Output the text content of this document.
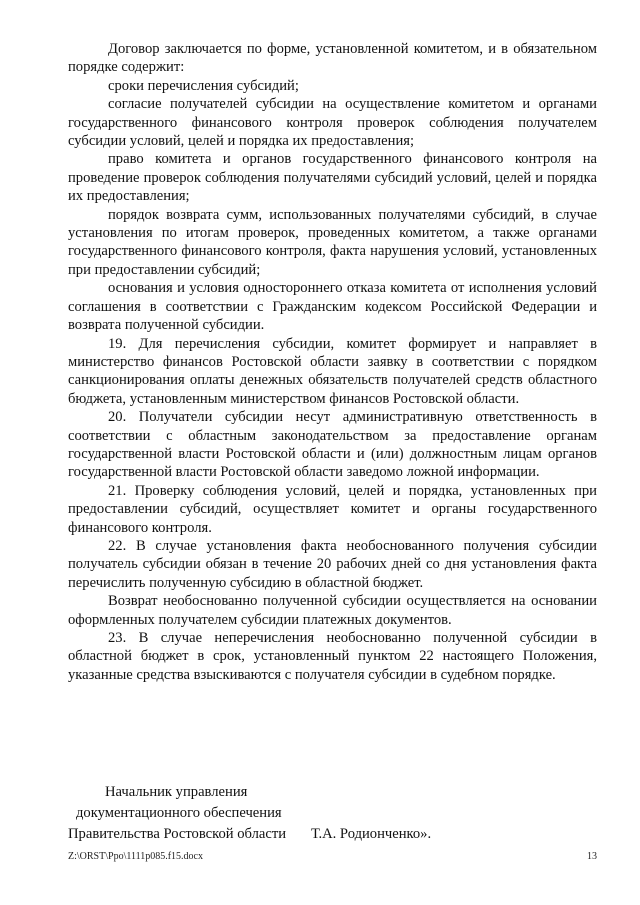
Договор заключается по форме, установленной комитетом, и в обязательном порядке содержит:

сроки перечисления субсидий;

согласие получателей субсидии на осуществление комитетом и органами государственного финансового контроля проверок соблюдения получателем субсидии условий, целей и порядка их предоставления;

право комитета и органов государственного финансового контроля на проведение проверок соблюдения получателями субсидий условий, целей и порядка их предоставления;

порядок возврата сумм, использованных получателями субсидий, в случае установления по итогам проверок, проведенных комитетом, а также органами государственного финансового контроля, факта нарушения условий, установленных при предоставлении субсидий;

основания и условия одностороннего отказа комитета от исполнения условий соглашения в соответствии с Гражданским кодексом Российской Федерации и возврата полученной субсидии.

19. Для перечисления субсидии, комитет формирует и направляет в министерство финансов Ростовской области заявку в соответствии с порядком санкционирования оплаты денежных обязательств получателей средств областного бюджета, установленным министерством финансов Ростовской области.

20. Получатели субсидии несут административную ответственность в соответствии с областным законодательством за предоставление органам государственной власти Ростовской области и (или) должностным лицам органов государственной власти Ростовской области заведомо ложной информации.

21. Проверку соблюдения условий, целей и порядка, установленных при предоставлении субсидий, осуществляет комитет и органы государственного финансового контроля.

22. В случае установления факта необоснованного получения субсидии получатель субсидии обязан в течение 20 рабочих дней со дня установления факта перечислить полученную субсидию в областной бюджет.

Возврат необоснованно полученной субсидии осуществляется на основании оформленных получателем субсидии платежных документов.

23. В случае неперечисления необоснованно полученной субсидии в областной бюджет в срок, установленный пунктом 22 настоящего Положения, указанные средства взыскиваются с получателя субсидии в судебном порядке.

Начальник управления
документационного обеспечения
Правительства Ростовской области Т.А. Родионченко».
Z:\ORST\Ppo\1111p085.f15.docx	13
